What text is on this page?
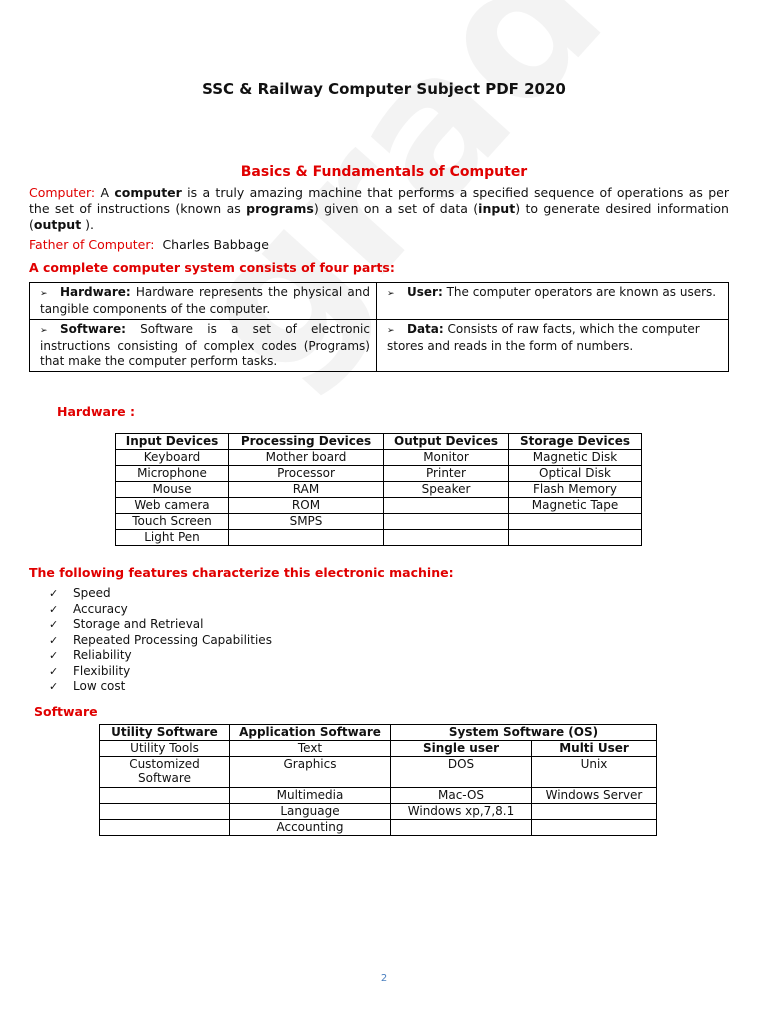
SSC & Railway Computer Subject PDF 2020
Basics & Fundamentals of Computer
Computer: A computer is a truly amazing machine that performs a specified sequence of operations as per the set of instructions (known as programs) given on a set of data (input) to generate desired information (output ).
Father of Computer: Charles Babbage
A complete computer system consists of four parts:
➢ Hardware: Hardware represents the physical and tangible components of the computer.	➢ User: The computer operators are known as users.
➢ Software: Software is a set of electronic instructions consisting of complex codes (Programs) that make the computer perform tasks.	➢ Data: Consists of raw facts, which the computer stores and reads in the form of numbers.
Hardware :
Input Devices	Processing Devices	Output Devices	Storage Devices
Keyboard	Mother board	Monitor	Magnetic Disk
Microphone	Processor	Printer	Optical Disk
Mouse	RAM	Speaker	Flash Memory
Web camera	ROM		Magnetic Tape
Touch Screen	SMPS		
Light Pen			
The following features characterize this electronic machine:
✓ Speed
✓ Accuracy
✓ Storage and Retrieval
✓ Repeated Processing Capabilities
✓ Reliability
✓ Flexibility
✓ Low cost
Software
Utility Software	Application Software	System Software (OS)	
Utility Tools	Text	Single user	Multi User
Customized Software	Graphics	DOS	Unix
	Multimedia	Mac-OS	Windows Server
	Language	Windows xp,7,8.1	
	Accounting		
2
